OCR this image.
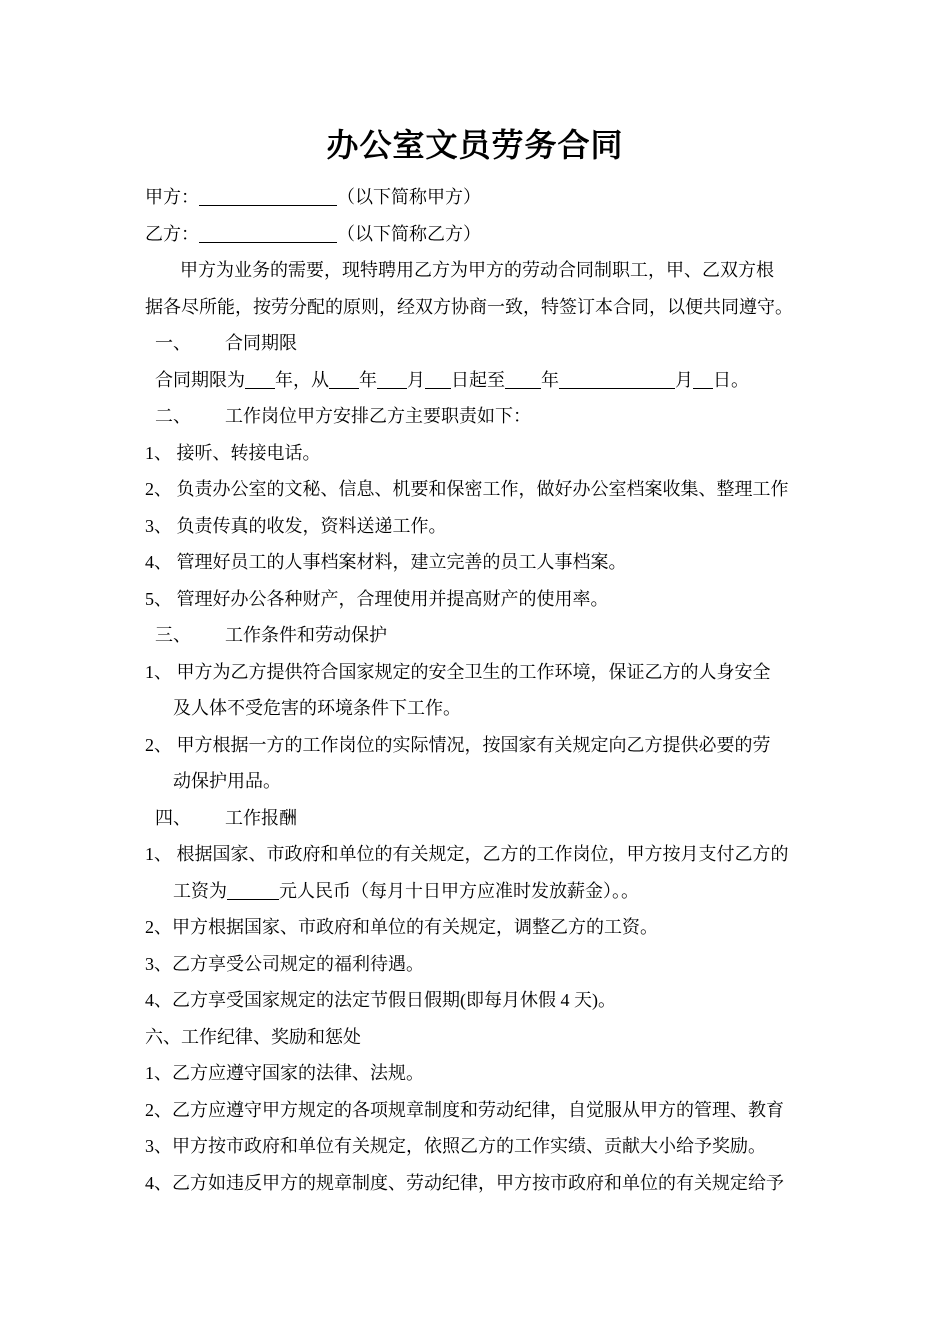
办公室文员劳务合同
甲方：	（以下简称甲方）
乙方：	（以下简称乙方）
甲方为业务的需要，现特聘用乙方为甲方的劳动合同制职工，甲、乙双方根
据各尽所能，按劳分配的原则，经双方协商一致，特签订本合同，以便共同遵守。
一、 合同期限
合同期限为 年，从 年 月 日起至 年	月 日。
二、 工作岗位甲方安排乙方主要职责如下：
1、 接听、转接电话。
2、 负责办公室的文秘、信息、机要和保密工作，做好办公室档案收集、整理工作
3、 负责传真的收发，资料送递工作。
4、 管理好员工的人事档案材料，建立完善的员工人事档案。
5、 管理好办公各种财产，合理使用并提高财产的使用率。
三、 工作条件和劳动保护
1、 甲方为乙方提供符合国家规定的安全卫生的工作环境，保证乙方的人身安全
及人体不受危害的环境条件下工作。
2、 甲方根据一方的工作岗位的实际情况，按国家有关规定向乙方提供必要的劳
动保护用品。
四、 工作报酬
1、 根据国家、市政府和单位的有关规定，乙方的工作岗位，甲方按月支付乙方的
工资为	元人民币（每月十日甲方应准时发放薪金）。。
2、甲方根据国家、市政府和单位的有关规定，调整乙方的工资。
3、乙方享受公司规定的福利待遇。
4、乙方享受国家规定的法定节假日假期(即每月休假 4 天)。
六、工作纪律、奖励和惩处
1、乙方应遵守国家的法律、法规。
2、乙方应遵守甲方规定的各项规章制度和劳动纪律，自觉服从甲方的管理、教育
3、甲方按市政府和单位有关规定，依照乙方的工作实绩、贡献大小给予奖励。
4、乙方如违反甲方的规章制度、劳动纪律，甲方按市政府和单位的有关规定给予
